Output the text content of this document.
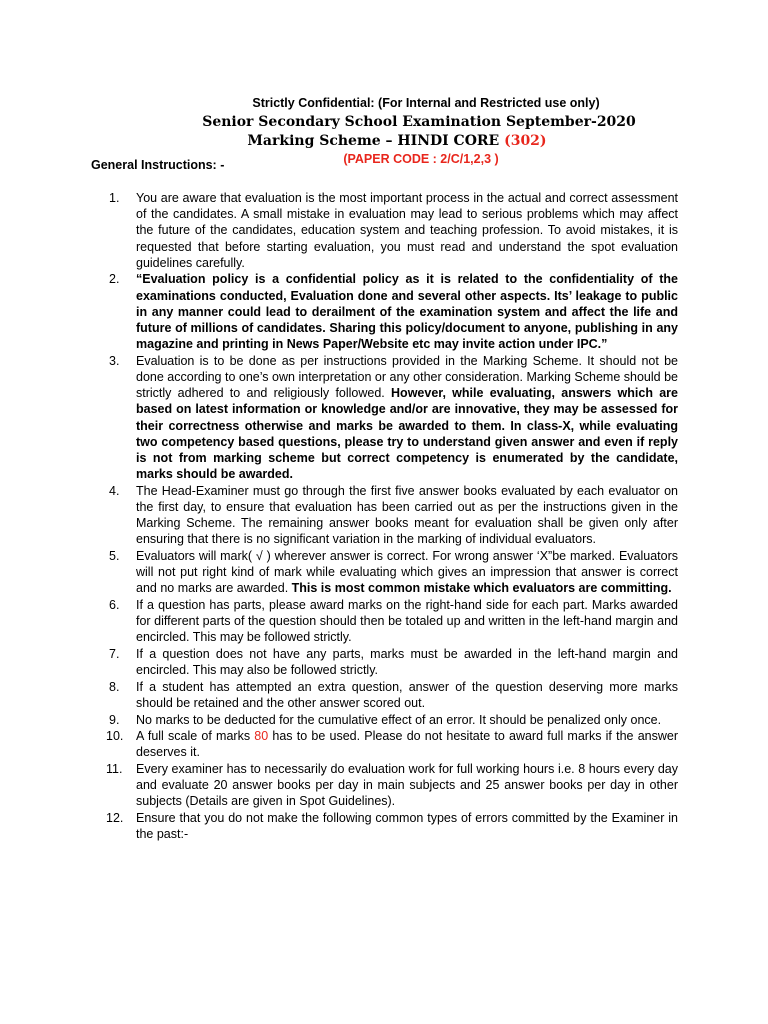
Strictly Confidential: (For Internal and Restricted use only)
Senior Secondary School Examination September-2020
Marking Scheme – HINDI CORE (302)
(PAPER CODE : 2/C/1,2,3 )
General Instructions: -
1.	You are aware that evaluation is the most important process in the actual and correct assessment of the candidates. A small mistake in evaluation may lead to serious problems which may affect the future of the candidates, education system and teaching profession. To avoid mistakes, it is requested that before starting evaluation, you must read and understand the spot evaluation guidelines carefully.
2.	“Evaluation policy is a confidential policy as it is related to the confidentiality of the examinations conducted, Evaluation done and several other aspects. Its’ leakage to public in any manner could lead to derailment of the examination system and affect the life and future of millions of candidates. Sharing this policy/document to anyone, publishing in any magazine and printing in News Paper/Website etc may invite action under IPC.”
3.	Evaluation is to be done as per instructions provided in the Marking Scheme. It should not be done according to one’s own interpretation or any other consideration. Marking Scheme should be strictly adhered to and religiously followed. However, while evaluating, answers which are based on latest information or knowledge and/or are innovative, they may be assessed for their correctness otherwise and marks be awarded to them. In class-X, while evaluating two competency based questions, please try to understand given answer and even if reply is not from marking scheme but correct competency is enumerated by the candidate, marks should be awarded.
4.	The Head-Examiner must go through the first five answer books evaluated by each evaluator on the first day, to ensure that evaluation has been carried out as per the instructions given in the Marking Scheme. The remaining answer books meant for evaluation shall be given only after ensuring that there is no significant variation in the marking of individual evaluators.
5.	Evaluators will mark( √ ) wherever answer is correct. For wrong answer ‘X”be marked. Evaluators will not put right kind of mark while evaluating which gives an impression that answer is correct and no marks are awarded. This is most common mistake which evaluators are committing.
6.	If a question has parts, please award marks on the right-hand side for each part. Marks awarded for different parts of the question should then be totaled up and written in the left-hand margin and encircled. This may be followed strictly.
7.	If a question does not have any parts, marks must be awarded in the left-hand margin and encircled. This may also be followed strictly.
8.	If a student has attempted an extra question, answer of the question deserving more marks should be retained and the other answer scored out.
9.	No marks to be deducted for the cumulative effect of an error. It should be penalized only once.
10.	A full scale of marks 80 has to be used. Please do not hesitate to award full marks if the answer deserves it.
11.	Every examiner has to necessarily do evaluation work for full working hours i.e. 8 hours every day and evaluate 20 answer books per day in main subjects and 25 answer books per day in other subjects (Details are given in Spot Guidelines).
12.	Ensure that you do not make the following common types of errors committed by the Examiner in the past:-
